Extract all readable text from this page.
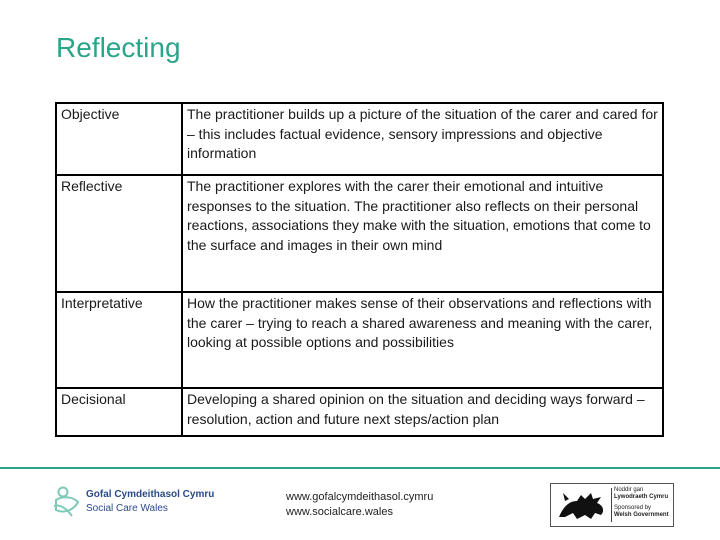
Reflecting
Objective	The practitioner builds up a picture of the situation of the carer and cared for – this includes factual evidence, sensory impressions and objective information
Reflective	The practitioner explores with the carer their emotional and intuitive responses to the situation. The practitioner also reflects on their personal reactions, associations they make with the situation, emotions that come to the surface and images in their own mind
Interpretative	How the practitioner makes sense of their observations and reflections with the carer – trying to reach a shared awareness and meaning with the carer, looking at possible options and possibilities
Decisional	Developing a shared opinion on the situation and deciding ways forward – resolution, action and future next steps/action plan
Gofal Cymdeithasol Cymru
Social Care Wales
www.gofalcymdeithasol.cymru
www.socialcare.wales
Noddir gan
Lywodraeth Cymru
Sponsored by
Welsh Government
